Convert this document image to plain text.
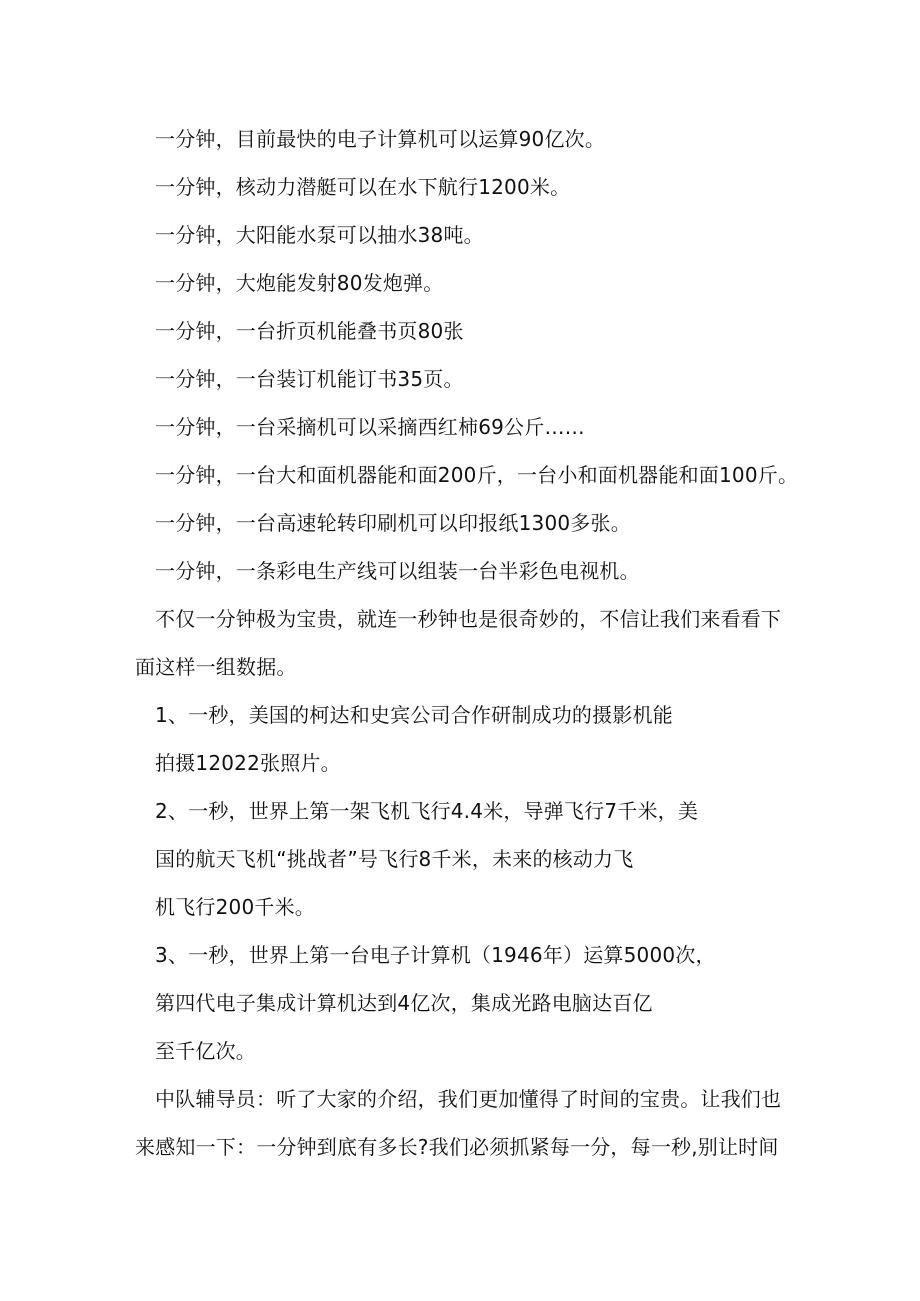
一分钟，目前最快的电子计算机可以运算90亿次。
一分钟，核动力潜艇可以在水下航行1200米。
一分钟，大阳能水泵可以抽水38吨。
一分钟，大炮能发射80发炮弹。
一分钟，一台折页机能叠书页80张
一分钟，一台装订机能订书35页。
一分钟，一台采摘机可以采摘西红柿69公斤……
一分钟，一台大和面机器能和面200斤，一台小和面机器能和面100斤。
一分钟，一台高速轮转印刷机可以印报纸1300多张。
一分钟，一条彩电生产线可以组装一台半彩色电视机。
不仅一分钟极为宝贵，就连一秒钟也是很奇妙的，不信让我们来看看下
面这样一组数据。
1、一秒，美国的柯达和史宾公司合作研制成功的摄影机能
拍摄12022张照片。
2、一秒，世界上第一架飞机飞行4.4米，导弹飞行7千米，美
国的航天飞机“挑战者”号飞行8千米，未来的核动力飞
机飞行200千米。
3、一秒，世界上第一台电子计算机（1946年）运算5000次，
第四代电子集成计算机达到4亿次，集成光路电脑达百亿
至千亿次。
中队辅导员：听了大家的介绍，我们更加懂得了时间的宝贵。让我们也
来感知一下：一分钟到底有多长?我们必须抓紧每一分，每一秒,别让时间
